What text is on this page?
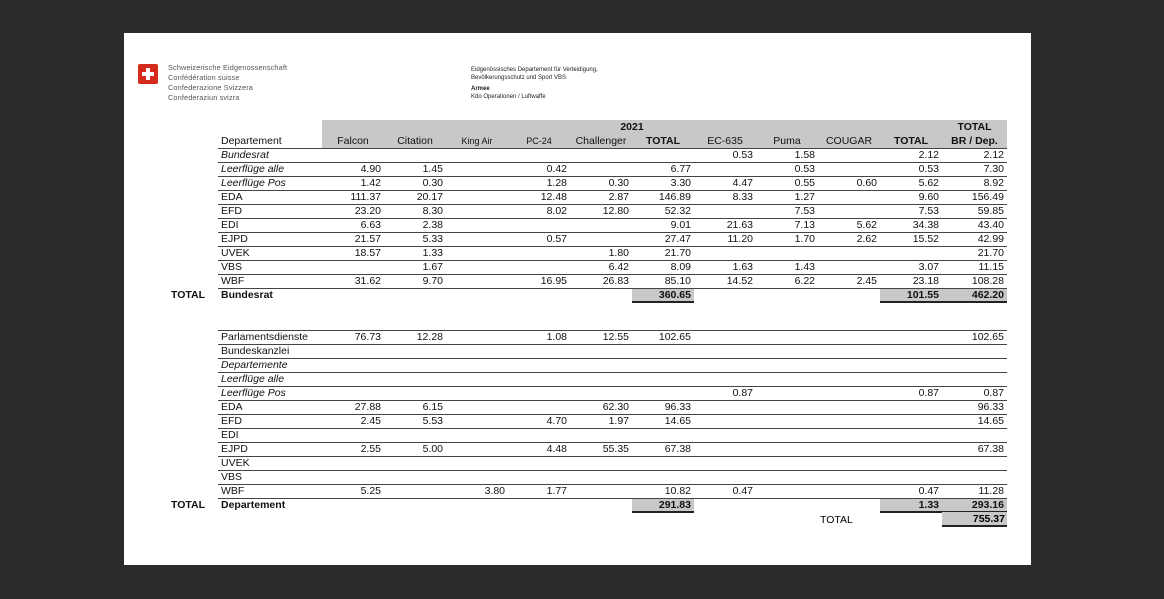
Schweizerische Eidgenossenschaft
Confédération suisse
Confederazione Svizzera
Confederaziun svizra
Eidgenössisches Departement für Verteidigung,
Bevölkerungsschutz und Sport VBS
Armee
Kdo Operationen / Luftwaffe
		2021										TOTAL
	Departement	Falcon	Citation	King Air	PC-24	Challenger	TOTAL	EC-635	Puma	COUGAR	TOTAL	BR / Dep.
	Bundesrat							0.53	1.58		2.12	2.12
	Leerflüge alle	4.90	1.45		0.42		6.77		0.53		0.53	7.30
	Leerflüge Pos	1.42	0.30		1.28	0.30	3.30	4.47	0.55	0.60	5.62	8.92
	EDA	111.37	20.17		12.48	2.87	146.89	8.33	1.27		9.60	156.49
	EFD	23.20	8.30		8.02	12.80	52.32		7.53		7.53	59.85
	EDI	6.63	2.38				9.01	21.63	7.13	5.62	34.38	43.40
	EJPD	21.57	5.33		0.57		27.47	11.20	1.70	2.62	15.52	42.99
	UVEK	18.57	1.33			1.80	21.70					21.70
	VBS		1.67			6.42	8.09	1.63	1.43		3.07	11.15
	WBF	31.62	9.70		16.95	26.83	85.10	14.52	6.22	2.45	23.18	108.28
TOTAL	Bundesrat						360.65				101.55	462.20

	Parlamentsdienste	76.73	12.28		1.08	12.55	102.65					102.65
	Bundeskanzlei											
	Departemente											
	Leerflüge alle											
	Leerflüge Pos							0.87			0.87	0.87
	EDA	27.88	6.15			62.30	96.33					96.33
	EFD	2.45	5.53		4.70	1.97	14.65					14.65
	EDI											
	EJPD	2.55	5.00		4.48	55.35	67.38					67.38
	UVEK											
	VBS											
	WBF	5.25		3.80	1.77		10.82	0.47			0.47	11.28
TOTAL	Departement						291.83				1.33	293.16
TOTAL	755.37
